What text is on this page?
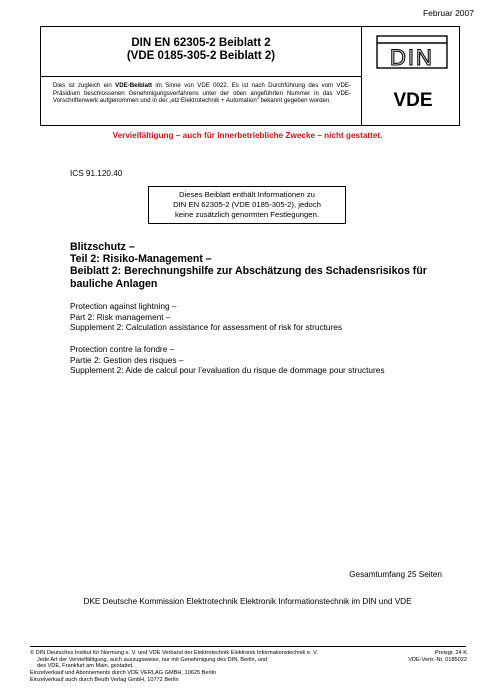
Februar 2007
DIN EN 62305-2 Beiblatt 2
(VDE 0185-305-2 Beiblatt 2)
Dies ist zugleich ein VDE-Beiblatt im Sinne von VDE 0022. Es ist nach Durchführung des vom VDE-Präsidium beschlossenen Genehmigungsverfahrens unter der oben angeführten Nummer in das VDE-Vorschriftenwerk aufgenommen und in der „etz Elektrotechnik + Automation“ bekannt gegeben worden.
DIN
VDE
Vervielfältigung – auch für innerbetriebliche Zwecke – nicht gestattet.
ICS 91.120.40
Dieses Beiblatt enthält Informationen zu
DIN EN 62305-2 (VDE 0185-305-2), jedoch
keine zusätzlich genormten Festlegungen.
Blitzschutz –
Teil 2: Risiko-Management –
Beiblatt 2: Berechnungshilfe zur Abschätzung des Schadensrisikos für
bauliche Anlagen
Protection against lightning –
Part 2: Risk management –
Supplement 2: Calculation assistance for assessment of risk for structures
Protection contre la fondre –
Partie 2: Gestion des risques –
Supplement 2: Aide de calcul pour l’evaluation du risque de dommage pour structures
Gesamtumfang 25 Seiten
DKE Deutsche Kommission Elektrotechnik Elektronik Informationstechnik im DIN und VDE
© DIN Deutsches Institut für Normung e. V. und VDE Verband der Elektrotechnik Elektronik Informationstechnik e. V.
Jede Art der Vervielfältigung, auch auszugsweise, nur mit Genehmigung des DIN, Berlin, und
des VDE, Frankfurt am Main, gestattet.
Einzelverkauf und Abonnements durch VDE VERLAG GMBH, 10625 Berlin
Einzelverkauf auch durch Beuth Verlag GmbH, 10772 Berlin
Preisgr. 24 K
VDE-Vertr.-Nr. 0185022
